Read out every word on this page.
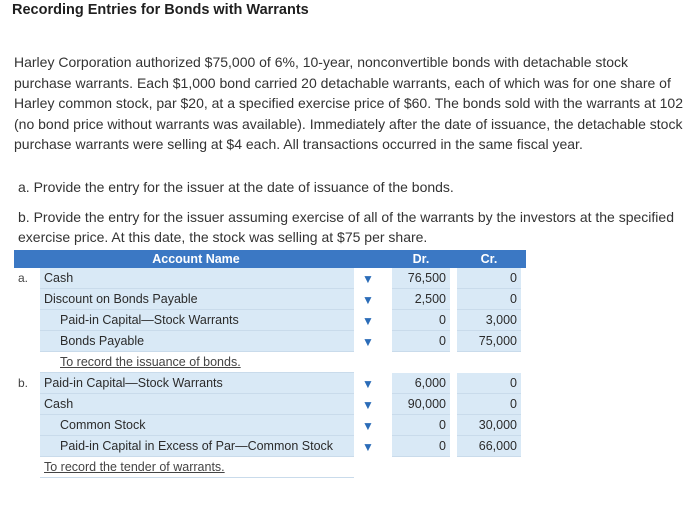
Recording Entries for Bonds with Warrants
Harley Corporation authorized $75,000 of 6%, 10-year, nonconvertible bonds with detachable stock purchase warrants. Each $1,000 bond carried 20 detachable warrants, each of which was for one share of Harley common stock, par $20, at a specified exercise price of $60. The bonds sold with the warrants at 102 (no bond price without warrants was available). Immediately after the date of issuance, the detachable stock purchase warrants were selling at $4 each. All transactions occurred in the same fiscal year.
a. Provide the entry for the issuer at the date of issuance of the bonds.
b. Provide the entry for the issuer assuming exercise of all of the warrants by the investors at the specified exercise price. At this date, the stock was selling at $75 per share.
Account Name	Dr.	Cr.
a.	Cash	▼	76,500	0
Discount on Bonds Payable	▼	2,500	0
Paid-in Capital—Stock Warrants	▼	0	3,000
Bonds Payable	▼	0	75,000
To record the issuance of bonds.
b.	Paid-in Capital—Stock Warrants	▼	6,000	0
Cash	▼	90,000	0
Common Stock	▼	0	30,000
Paid-in Capital in Excess of Par—Common Stock	▼	0	66,000
To record the tender of warrants.
